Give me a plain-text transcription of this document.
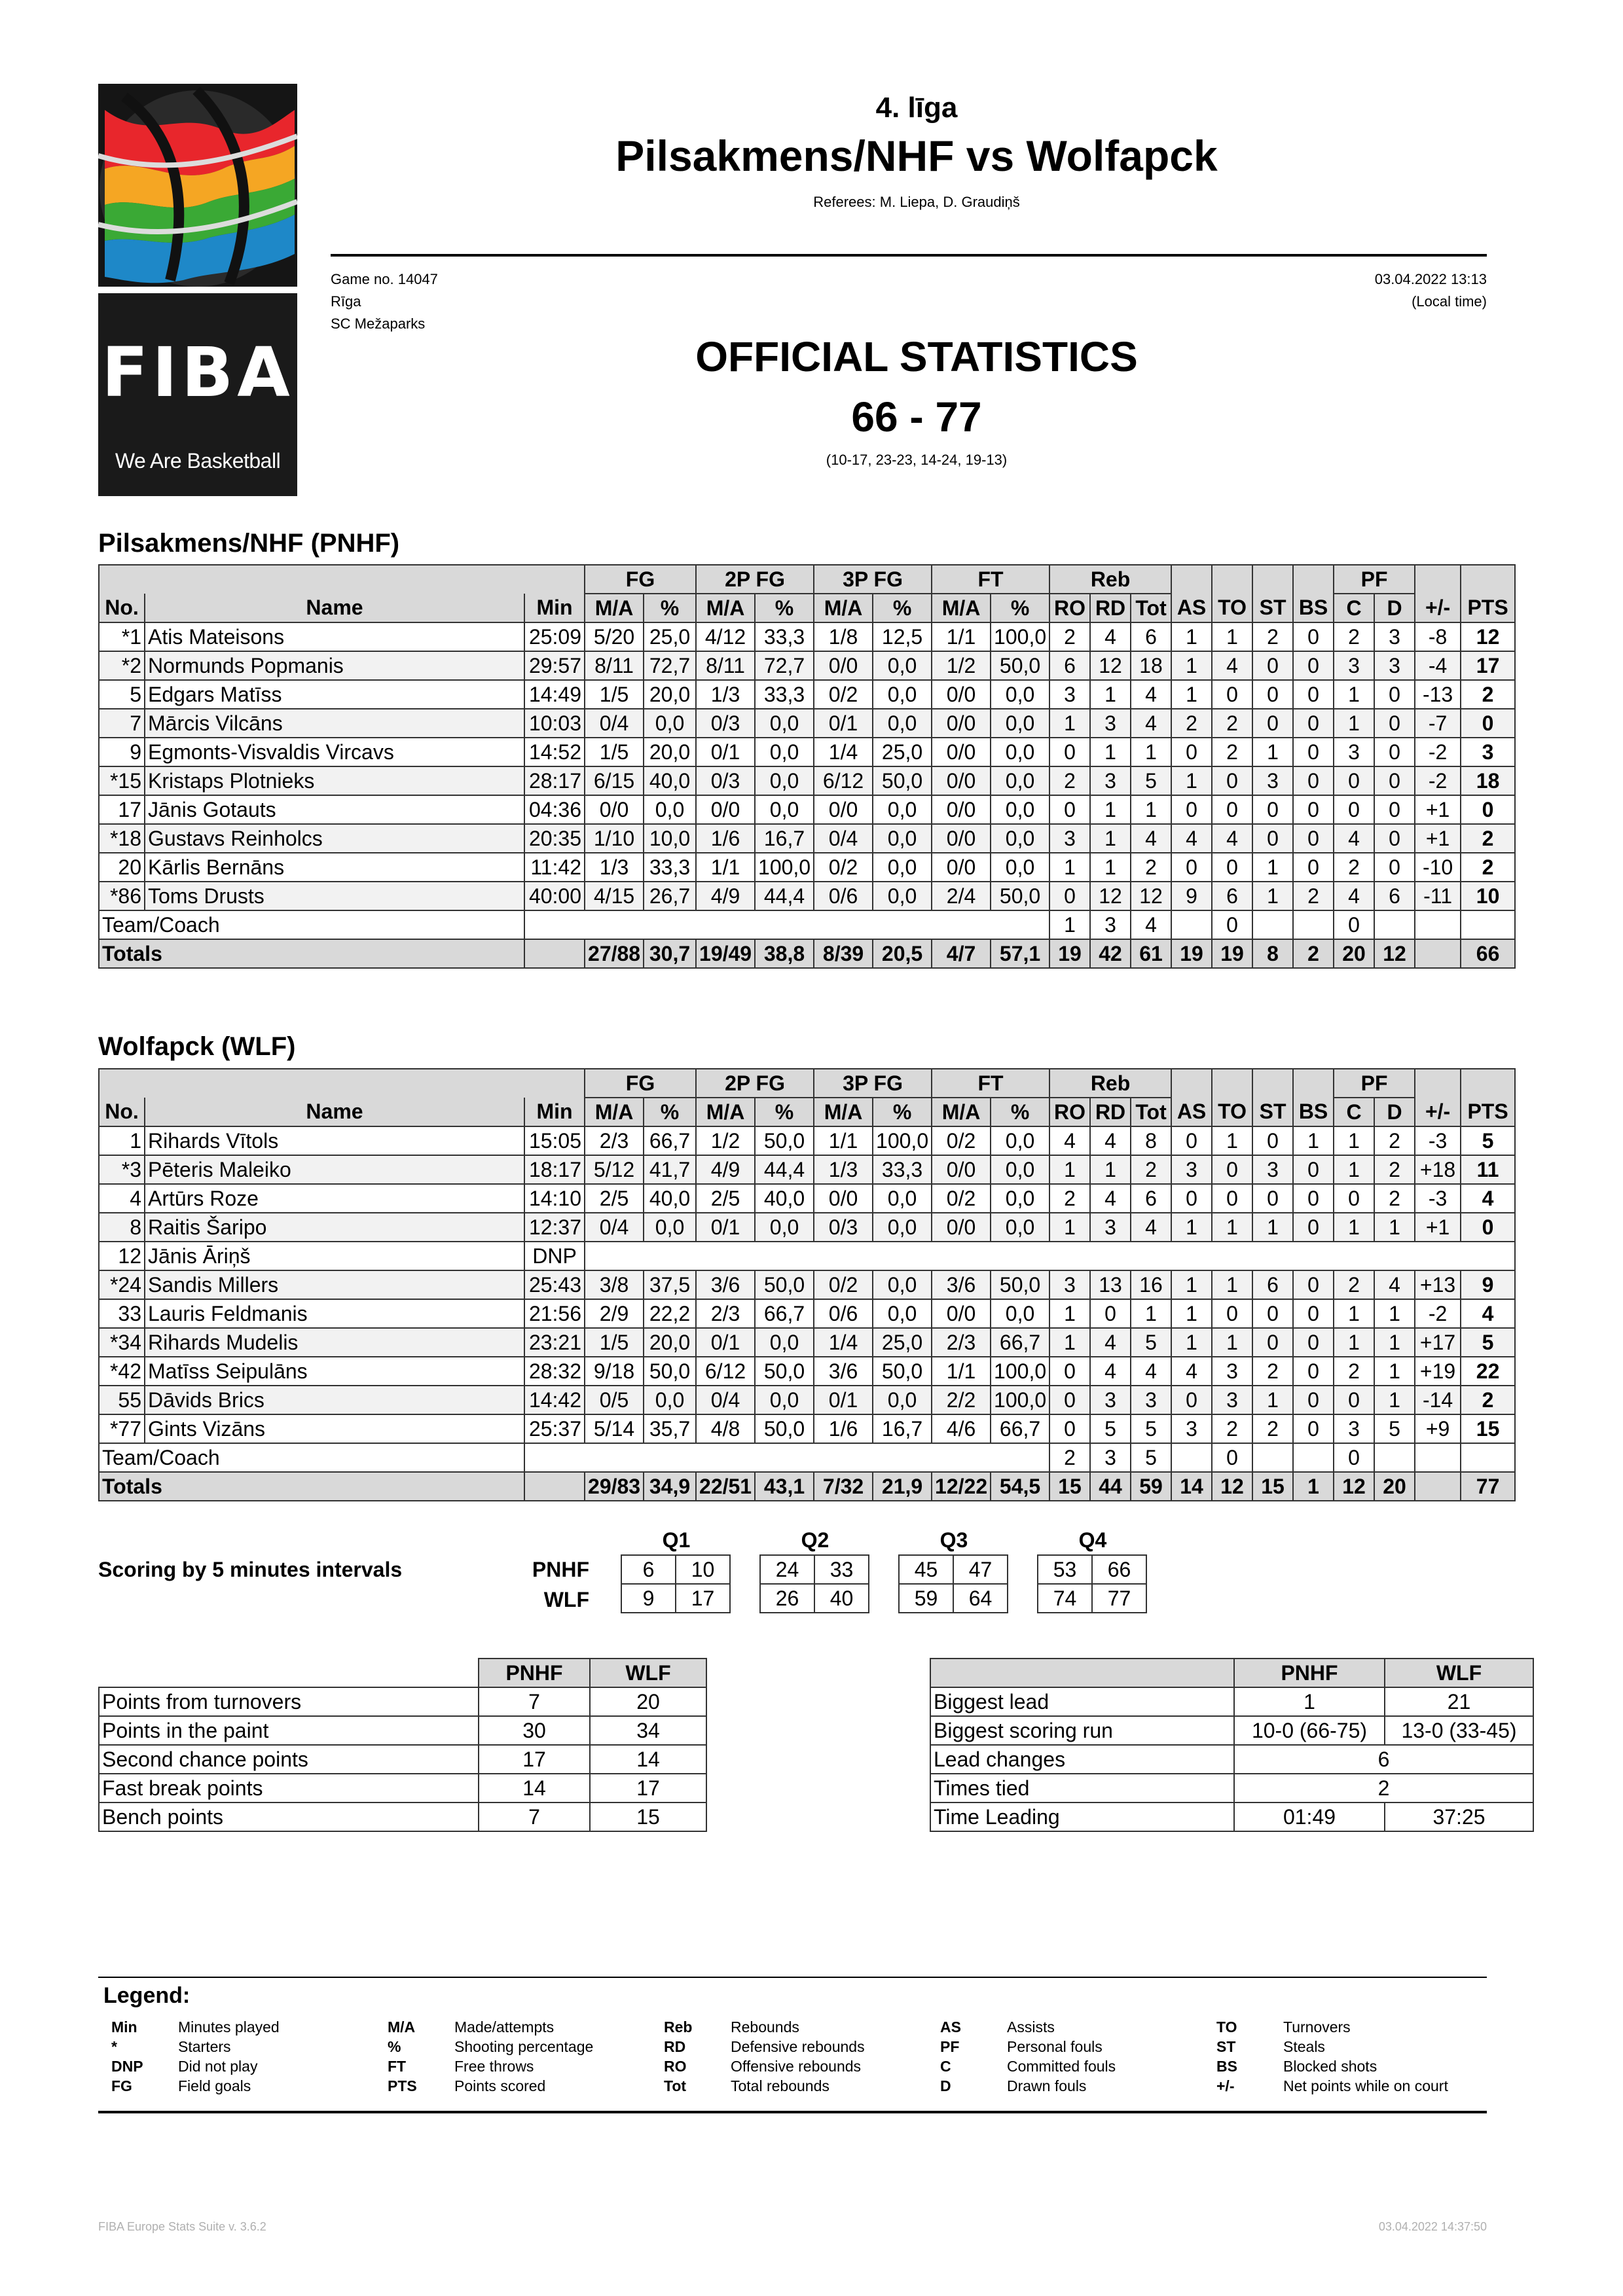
FIBA
We Are Basketball
4. līga
Pilsakmens/NHF vs Wolfapck
Referees: M. Liepa, D. Graudiņš
Game no. 14047
Rīga
SC Mežaparks
03.04.2022 13:13
(Local time)
OFFICIAL STATISTICS
66 - 77
(10-17, 23-23, 14-24, 19-13)
Pilsakmens/NHF (PNHF)
Wolfapck (WLF)
			FG		2P FG		3P FG		FT		Reb							PF			
No.	Name	Min	M/A	%	M/A	%	M/A	%	M/A	%	RO	RD	Tot	AS	TO	ST	BS	C	D	+/-	PTS
*1	Atis Mateisons	25:09	5/20	25,0	4/12	33,3	1/8	12,5	1/1	100,0	2	4	6	1	1	2	0	2	3	-8	12
*2	Normunds Popmanis	29:57	8/11	72,7	8/11	72,7	0/0	0,0	1/2	50,0	6	12	18	1	4	0	0	3	3	-4	17
5	Edgars Matīss	14:49	1/5	20,0	1/3	33,3	0/2	0,0	0/0	0,0	3	1	4	1	0	0	0	1	0	-13	2
7	Mārcis Vilcāns	10:03	0/4	0,0	0/3	0,0	0/1	0,0	0/0	0,0	1	3	4	2	2	0	0	1	0	-7	0
9	Egmonts-Visvaldis Vircavs	14:52	1/5	20,0	0/1	0,0	1/4	25,0	0/0	0,0	0	1	1	0	2	1	0	3	0	-2	3
*15	Kristaps Plotnieks	28:17	6/15	40,0	0/3	0,0	6/12	50,0	0/0	0,0	2	3	5	1	0	3	0	0	0	-2	18
17	Jānis Gotauts	04:36	0/0	0,0	0/0	0,0	0/0	0,0	0/0	0,0	0	1	1	0	0	0	0	0	0	+1	0
*18	Gustavs Reinholcs	20:35	1/10	10,0	1/6	16,7	0/4	0,0	0/0	0,0	3	1	4	4	4	0	0	4	0	+1	2
20	Kārlis Bernāns	11:42	1/3	33,3	1/1	100,0	0/2	0,0	0/0	0,0	1	1	2	0	0	1	0	2	0	-10	2
*86	Toms Drusts	40:00	4/15	26,7	4/9	44,4	0/6	0,0	2/4	50,0	0	12	12	9	6	1	2	4	6	-11	10
Team/Coach											1	3	4		0			0			
Totals			27/88	30,7	19/49	38,8	8/39	20,5	4/7	57,1	19	42	61	19	19	8	2	20	12		66
			FG		2P FG		3P FG		FT		Reb							PF			
No.	Name	Min	M/A	%	M/A	%	M/A	%	M/A	%	RO	RD	Tot	AS	TO	ST	BS	C	D	+/-	PTS
1	Rihards Vītols	15:05	2/3	66,7	1/2	50,0	1/1	100,0	0/2	0,0	4	4	8	0	1	0	1	1	2	-3	5
*3	Pēteris Maleiko	18:17	5/12	41,7	4/9	44,4	1/3	33,3	0/0	0,0	1	1	2	3	0	3	0	1	2	+18	11
4	Artūrs Roze	14:10	2/5	40,0	2/5	40,0	0/0	0,0	0/2	0,0	2	4	6	0	0	0	0	0	2	-3	4
8	Raitis Šaripo	12:37	0/4	0,0	0/1	0,0	0/3	0,0	0/0	0,0	1	3	4	1	1	1	0	1	1	+1	0
12	Jānis Āriņš	DNP																			
*24	Sandis Millers	25:43	3/8	37,5	3/6	50,0	0/2	0,0	3/6	50,0	3	13	16	1	1	6	0	2	4	+13	9
33	Lauris Feldmanis	21:56	2/9	22,2	2/3	66,7	0/6	0,0	0/0	0,0	1	0	1	1	0	0	0	1	1	-2	4
*34	Rihards Mudelis	23:21	1/5	20,0	0/1	0,0	1/4	25,0	2/3	66,7	1	4	5	1	1	0	0	1	1	+17	5
*42	Matīss Seipulāns	28:32	9/18	50,0	6/12	50,0	3/6	50,0	1/1	100,0	0	4	4	4	3	2	0	2	1	+19	22
55	Dāvids Brics	14:42	0/5	0,0	0/4	0,0	0/1	0,0	2/2	100,0	0	3	3	0	3	1	0	0	1	-14	2
*77	Gints Vizāns	25:37	5/14	35,7	4/8	50,0	1/6	16,7	4/6	66,7	0	5	5	3	2	2	0	3	5	+9	15
Team/Coach											2	3	5		0			0			
Totals			29/83	34,9	22/51	43,1	7/32	21,9	12/22	54,5	15	44	59	14	12	15	1	12	20		77
Scoring by 5 minutes intervals
Q1	Q2	Q3	Q4
PNHF
WLF
6	10	24	33	45	47	53	66
9	17	26	40	59	64	74	77
	PNHF	WLF
Points from turnovers	7	20
Points in the paint	30	34
Second chance points	17	14
Fast break points	14	17
Bench points	7	15
	PNHF	WLF
Biggest lead	1	21
Biggest scoring run	10-0 (66-75)	13-0 (33-45)
Lead changes	6	
Times tied	2	
Time Leading	01:49	37:25
Legend:
Min	Minutes played
*	Starters
DNP Did not play
FG	Field goals
M/A	Made/attempts
%	Shooting percentage
FT	Free throws
PTS Points scored
Reb	Rebounds
RD	Defensive rebounds
RO	Offensive rebounds
Tot	Total rebounds
AS	Assists
PF	Personal fouls
C	Committed fouls
D	Drawn fouls
TO	Turnovers
ST	Steals
BS	Blocked shots
+/-	Net points while on court
FIBA Europe Stats Suite v. 3.6.2	03.04.2022 14:37:50
